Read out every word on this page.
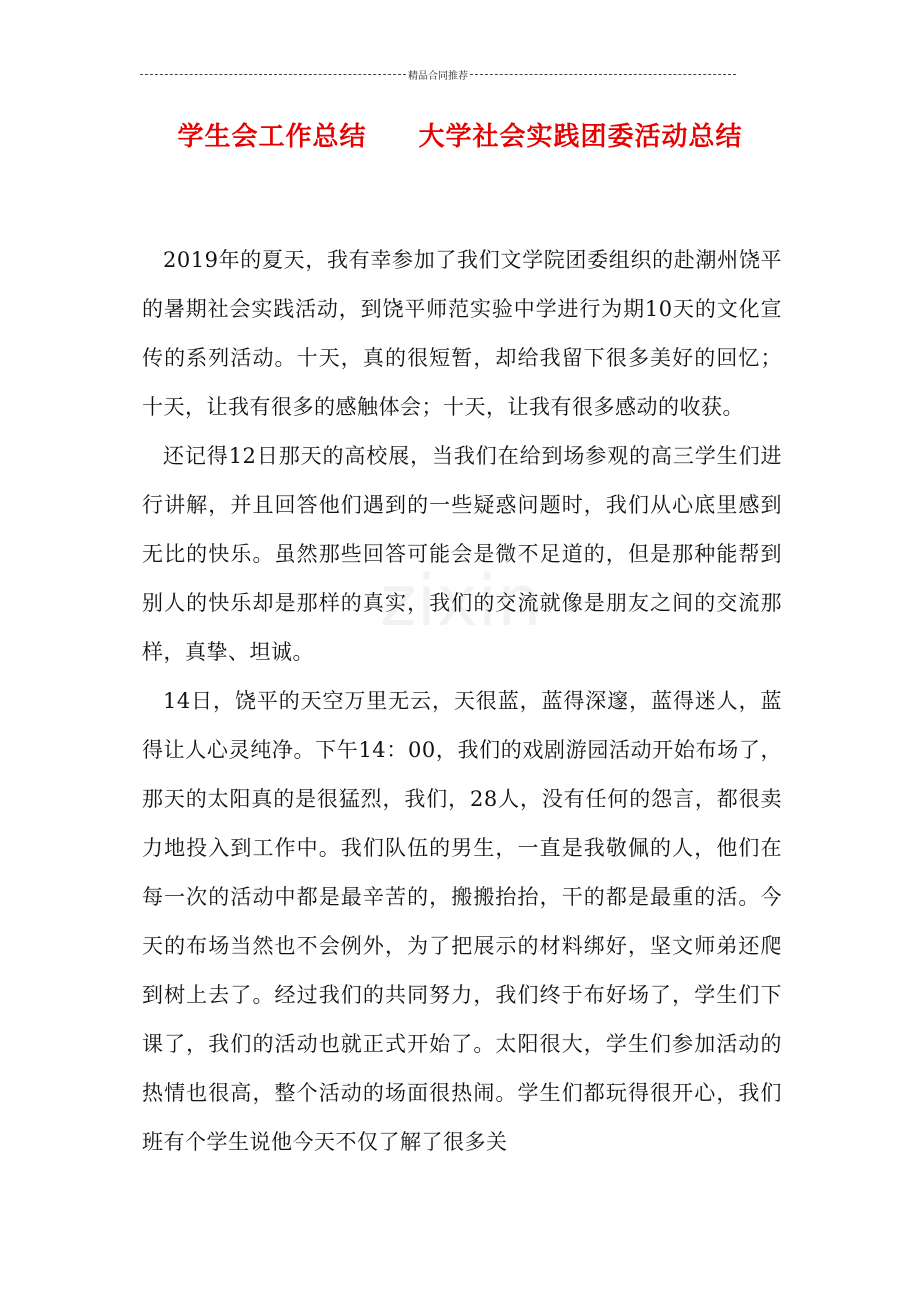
精品合同推荐
学生会工作总结 大学社会实践团委活动总结
zixin

2019年的夏天，我有幸参加了我们文学院团委组织的赴潮州饶平的暑期社会实践活动，到饶平师范实验中学进行为期10天的文化宣传的系列活动。十天，真的很短暂，却给我留下很多美好的回忆；十天，让我有很多的感触体会；十天，让我有很多感动的收获。

还记得12日那天的高校展，当我们在给到场参观的高三学生们进行讲解，并且回答他们遇到的一些疑惑问题时，我们从心底里感到无比的快乐。虽然那些回答可能会是微不足道的，但是那种能帮到别人的快乐却是那样的真实，我们的交流就像是朋友之间的交流那样，真挚、坦诚。

14日，饶平的天空万里无云，天很蓝，蓝得深邃，蓝得迷人，蓝得让人心灵纯净。下午14：00，我们的戏剧游园活动开始布场了，那天的太阳真的是很猛烈，我们，28人，没有任何的怨言，都很卖力地投入到工作中。我们队伍的男生，一直是我敬佩的人，他们在每一次的活动中都是最辛苦的，搬搬抬抬，干的都是最重的活。今天的布场当然也不会例外，为了把展示的材料绑好，坚文师弟还爬到树上去了。经过我们的共同努力，我们终于布好场了，学生们下课了，我们的活动也就正式开始了。太阳很大，学生们参加活动的热情也很高，整个活动的场面很热闹。学生们都玩得很开心，我们班有个学生说他今天不仅了解了很多关
